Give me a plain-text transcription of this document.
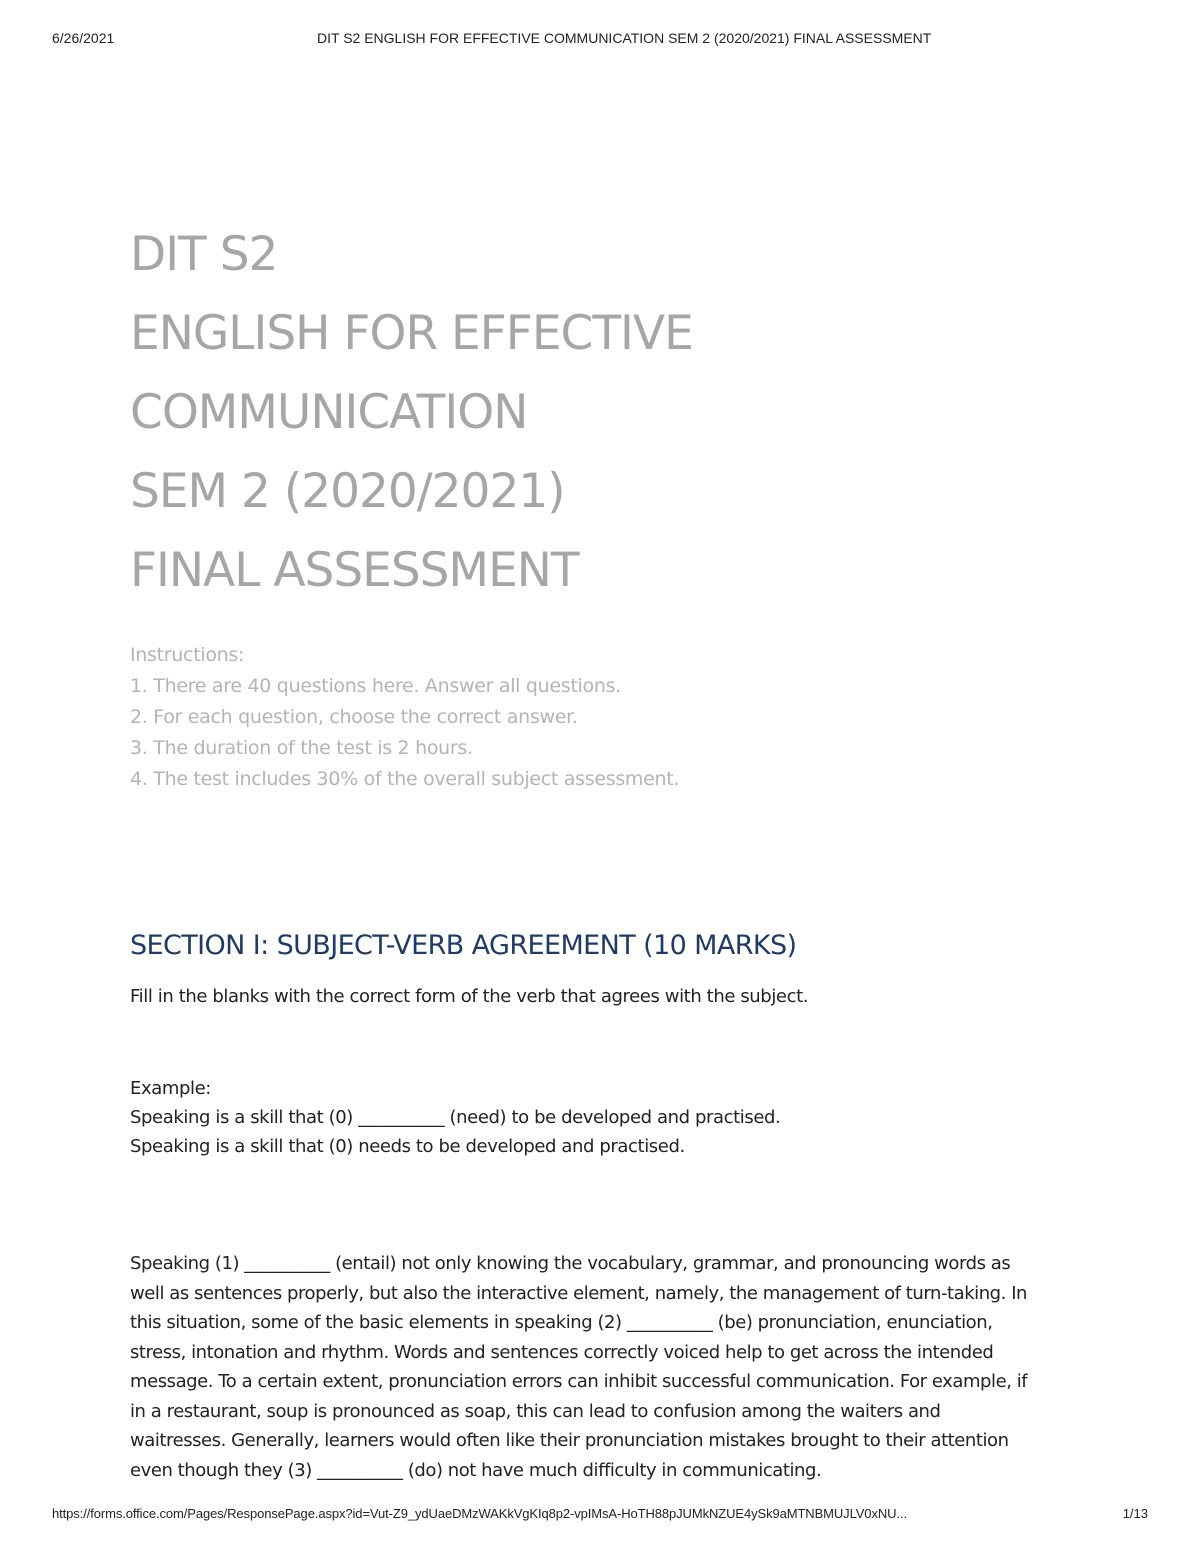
6/26/2021	DIT S2 ENGLISH FOR EFFECTIVE COMMUNICATION SEM 2 (2020/2021) FINAL ASSESSMENT
DIT S2
ENGLISH FOR EFFECTIVE
COMMUNICATION
SEM 2 (2020/2021)
FINAL ASSESSMENT
Instructions:
1. There are 40 questions here. Answer all questions.
2. For each question, choose the correct answer.
3. The duration of the test is 2 hours.
4. The test includes 30% of the overall subject assessment.
SECTION I: SUBJECT-VERB AGREEMENT (10 MARKS)
Fill in the blanks with the correct form of the verb that agrees with the subject.
Example:
Speaking is a skill that (0) __________ (need) to be developed and practised.
Speaking is a skill that (0) needs to be developed and practised.
Speaking (1) __________ (entail) not only knowing the vocabulary, grammar, and pronouncing words as
well as sentences properly, but also the interactive element, namely, the management of turn-taking. In
this situation, some of the basic elements in speaking (2) __________ (be) pronunciation, enunciation,
stress, intonation and rhythm. Words and sentences correctly voiced help to get across the intended
message. To a certain extent, pronunciation errors can inhibit successful communication. For example, if
in a restaurant, soup is pronounced as soap, this can lead to confusion among the waiters and
waitresses. Generally, learners would often like their pronunciation mistakes brought to their attention
even though they (3) __________ (do) not have much difficulty in communicating.
https://forms.office.com/Pages/ResponsePage.aspx?id=Vut-Z9_ydUaeDMzWAKkVgKIq8p2-vpIMsA-HoTH88pJUMkNZUE4ySk9aMTNBMUJLV0xNU...	1/13
